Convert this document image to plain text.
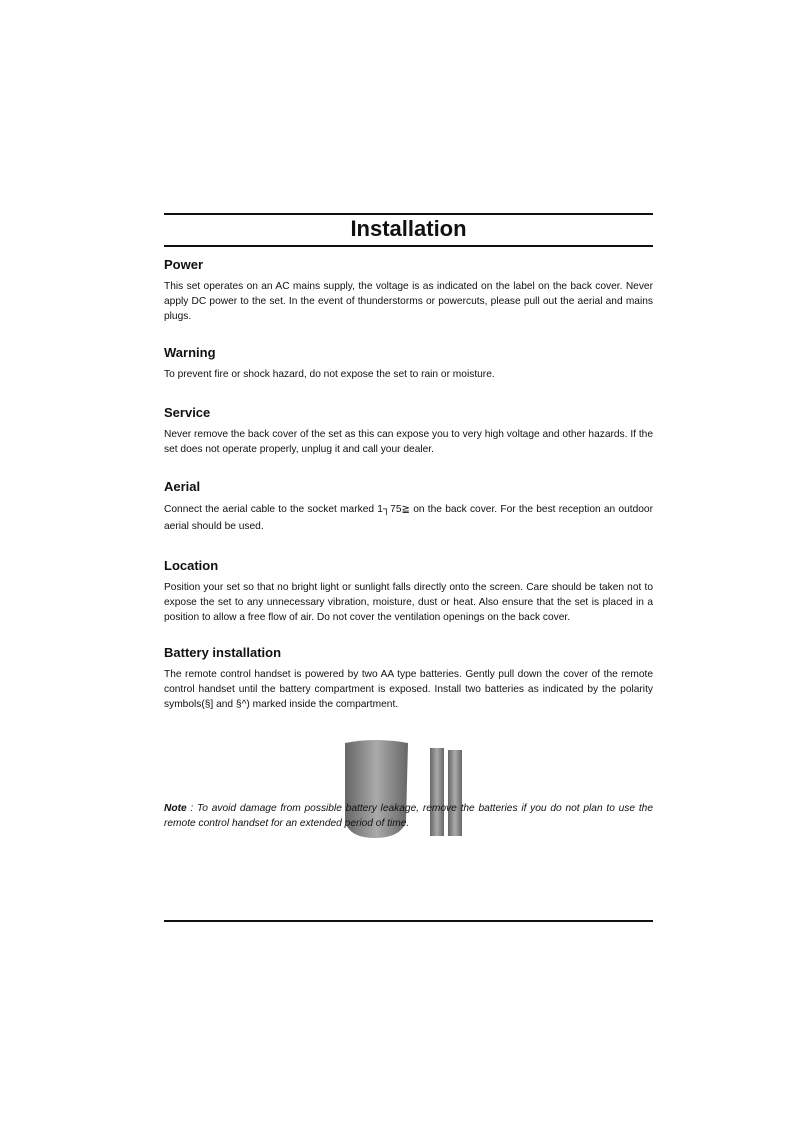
Installation
Power

This set operates on an AC mains supply, the voltage is as indicated on the label on the back cover. Never apply DC power to the set. In the event of thunderstorms or powercuts, please pull out the aerial and mains plugs.

Warning

To prevent fire or shock hazard, do not expose the set to rain or moisture.

Service

Never remove the back cover of the set as this can expose you to very high voltage and other hazards. If the set does not operate properly, unplug it and call your dealer.

Aerial

Connect the aerial cable to the socket marked 1┐75≧ on the back cover. For the best reception an outdoor aerial should be used.

Location

Position your set so that no bright light or sunlight falls directly onto the screen. Care should be taken not to expose the set to any unnecessary vibration, moisture, dust or heat. Also ensure that the set is placed in a position to allow a free flow of air. Do not cover the ventilation openings on the back cover.

Battery installation

The remote control handset is powered by two AA type batteries. Gently pull down the cover of the remote control handset until the battery compartment is exposed. Install two batteries as indicated by the polarity symbols(§] and §^) marked inside the compartment.

Note : To avoid damage from possible battery leakage, remove the batteries if you do not plan to use the remote control handset for an extended period of time.
